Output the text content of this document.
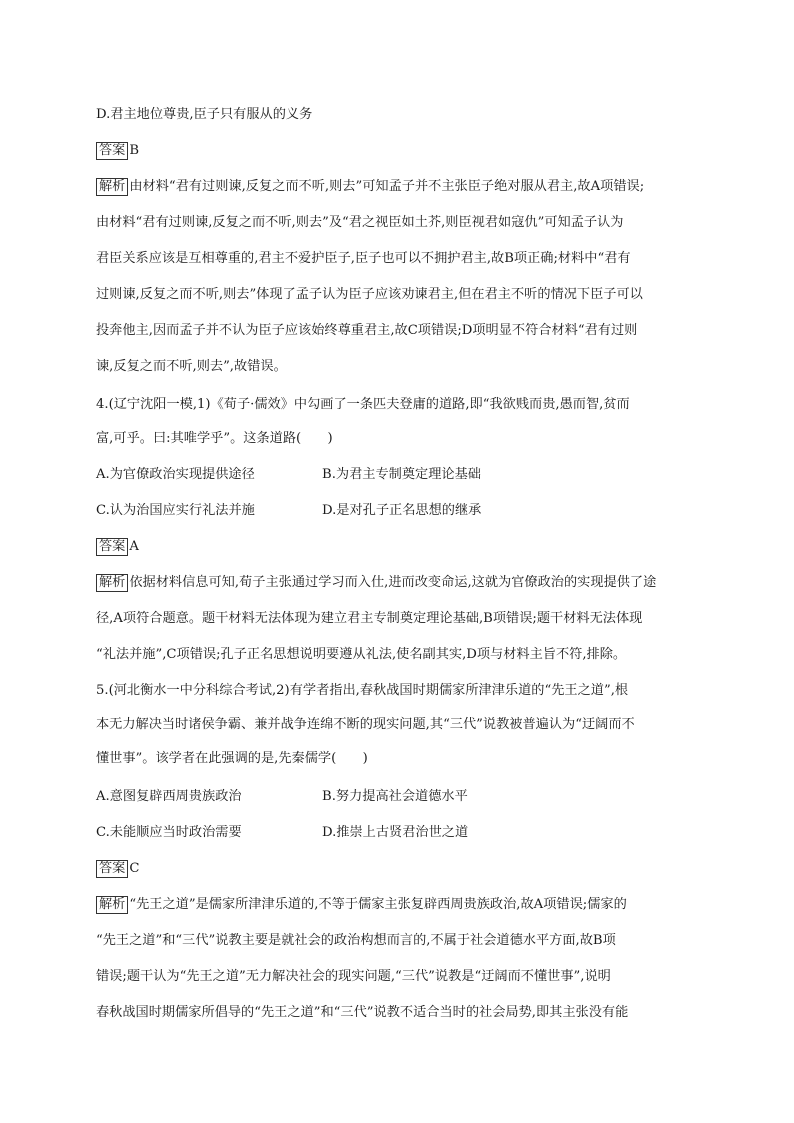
D.君主地位尊贵,臣子只有服从的义务
答案 B
解析 由材料“君有过则谏,反复之而不听,则去”可知孟子并不主张臣子绝对服从君主,故A项错误;
由材料“君有过则谏,反复之而不听,则去”及“君之视臣如土芥,则臣视君如寇仇”可知孟子认为
君臣关系应该是互相尊重的,君主不爱护臣子,臣子也可以不拥护君主,故B项正确;材料中“君有
过则谏,反复之而不听,则去”体现了孟子认为臣子应该劝谏君主,但在君主不听的情况下臣子可以
投奔他主,因而孟子并不认为臣子应该始终尊重君主,故C项错误;D项明显不符合材料“君有过则
谏,反复之而不听,则去”,故错误。
4.(辽宁沈阳一模,1)《荀子·儒效》中勾画了一条匹夫登庸的道路,即“我欲贱而贵,愚而智,贫而
富,可乎。曰:其唯学乎”。这条道路(　　)
A.为官僚政治实现提供途径	B.为君主专制奠定理论基础
C.认为治国应实行礼法并施	D.是对孔子正名思想的继承
答案 A
解析 依据材料信息可知,荀子主张通过学习而入仕,进而改变命运,这就为官僚政治的实现提供了途
径,A项符合题意。题干材料无法体现为建立君主专制奠定理论基础,B项错误;题干材料无法体现
“礼法并施”,C项错误;孔子正名思想说明要遵从礼法,使名副其实,D项与材料主旨不符,排除。
5.(河北衡水一中分科综合考试,2)有学者指出,春秋战国时期儒家所津津乐道的“先王之道”,根
本无力解决当时诸侯争霸、兼并战争连绵不断的现实问题,其“三代”说教被普遍认为“迂阔而不
懂世事”。该学者在此强调的是,先秦儒学(　　)
A.意图复辟西周贵族政治	B.努力提高社会道德水平
C.未能顺应当时政治需要	D.推崇上古贤君治世之道
答案 C
解析 “先王之道”是儒家所津津乐道的,不等于儒家主张复辟西周贵族政治,故A项错误;儒家的
“先王之道”和“三代”说教主要是就社会的政治构想而言的,不属于社会道德水平方面,故B项
错误;题干认为“先王之道”无力解决社会的现实问题,“三代”说教是“迂阔而不懂世事”,说明
春秋战国时期儒家所倡导的“先王之道”和“三代”说教不适合当时的社会局势,即其主张没有能
